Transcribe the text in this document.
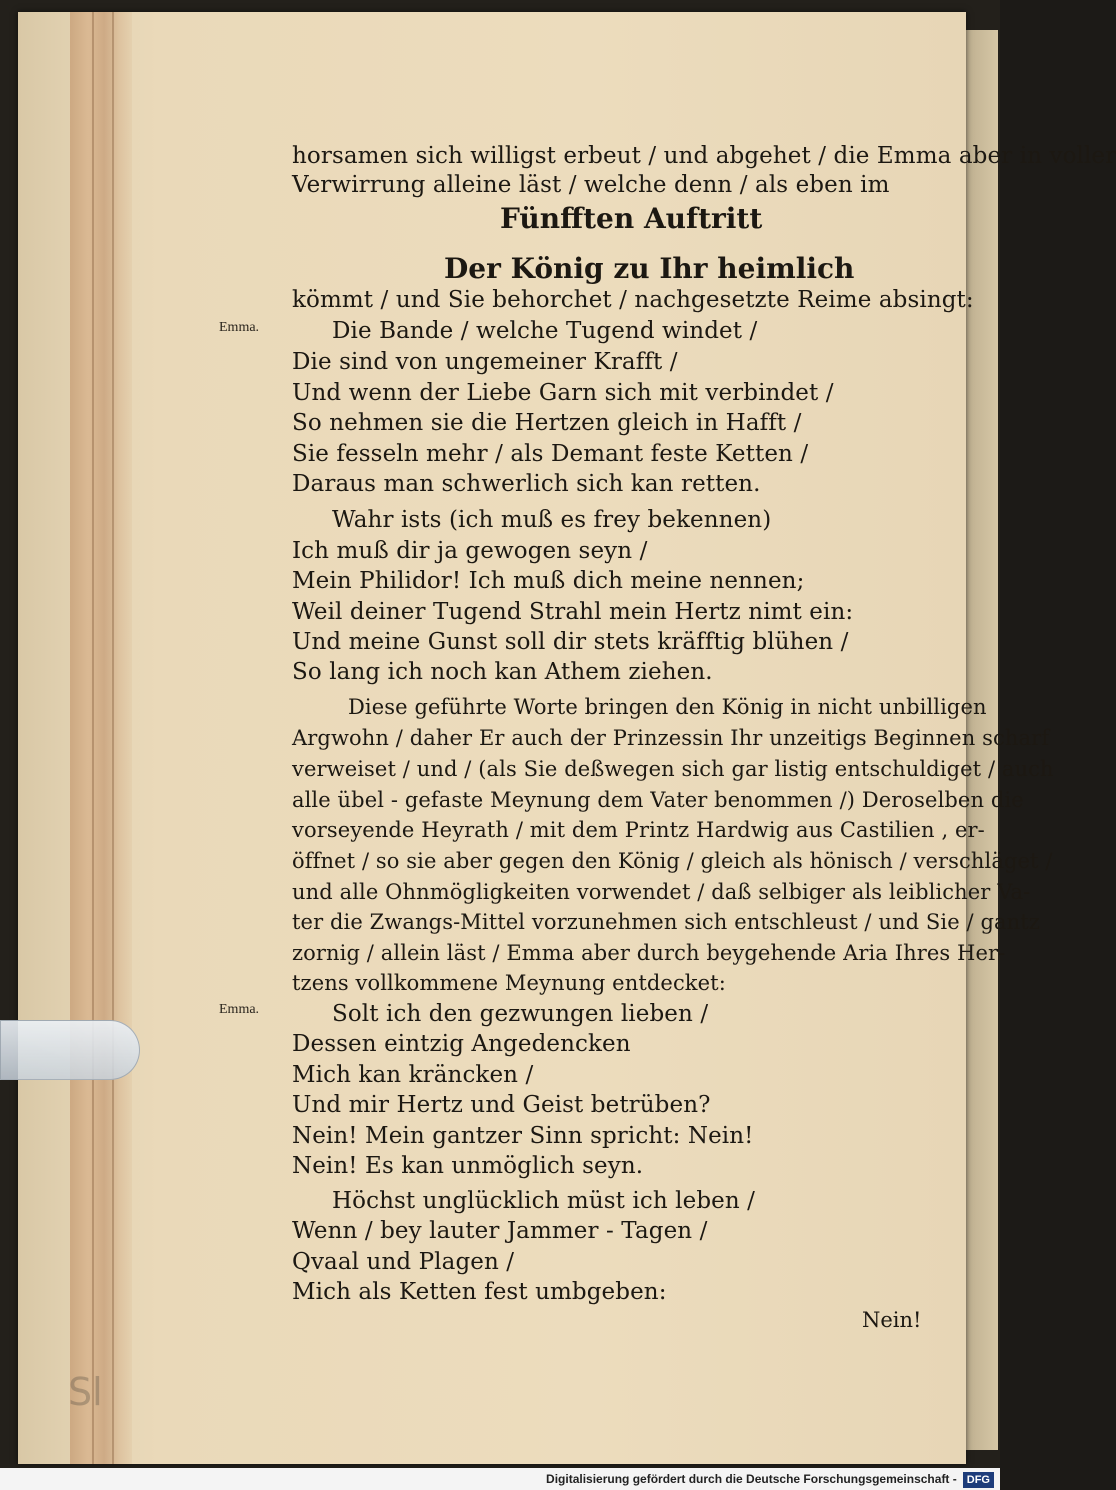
Sl
horsamen sich willigst erbeut / und abgehet / die Emma aber in voller
Verwirrung alleine läst / welche denn / als eben im
Fünfften Auftritt
Der König zu Ihr heimlich
kömmt / und Sie behorchet / nachgesetzte Reime absingt:
Emma.	Die Bande / welche Tugend windet /
Die sind von ungemeiner Krafft /
Und wenn der Liebe Garn sich mit verbindet /
So nehmen sie die Hertzen gleich in Hafft /
Sie fesseln mehr / als Demant feste Ketten /
Daraus man schwerlich sich kan retten.
Wahr ists (ich muß es frey bekennen)
Ich muß dir ja gewogen seyn /
Mein Philidor! Ich muß dich meine nennen;
Weil deiner Tugend Strahl mein Hertz nimt ein:
Und meine Gunst soll dir stets kräfftig blühen /
So lang ich noch kan Athem ziehen.
Diese geführte Worte bringen den König in nicht unbilligen
Argwohn / daher Er auch der Prinzessin Ihr unzeitigs Beginnen scharf
verweiset / und / (als Sie deßwegen sich gar listig entschuldiget / auch
alle übel - gefaste Meynung dem Vater benommen /) Deroselben die
vorseyende Heyrath / mit dem Printz Hardwig aus Castilien , er-
öffnet / so sie aber gegen den König / gleich als hönisch / verschläget /
und alle Ohnmögligkeiten vorwendet / daß selbiger als leiblicher Va-
ter die Zwangs-Mittel vorzunehmen sich entschleust / und Sie / gantz
zornig / allein läst / Emma aber durch beygehende Aria Ihres Her-
tzens vollkommene Meynung entdecket:
Emma.	Solt ich den gezwungen lieben /
Dessen eintzig Angedencken
Mich kan kräncken /
Und mir Hertz und Geist betrüben?
Nein! Mein gantzer Sinn spricht: Nein!
Nein! Es kan unmöglich seyn.
Höchst unglücklich müst ich leben /
Wenn / bey lauter Jammer - Tagen /
Qvaal und Plagen /
Mich als Ketten fest umbgeben:
Nein!
Digitalisierung gefördert durch die Deutsche Forschungsgemeinschaft - DFG
